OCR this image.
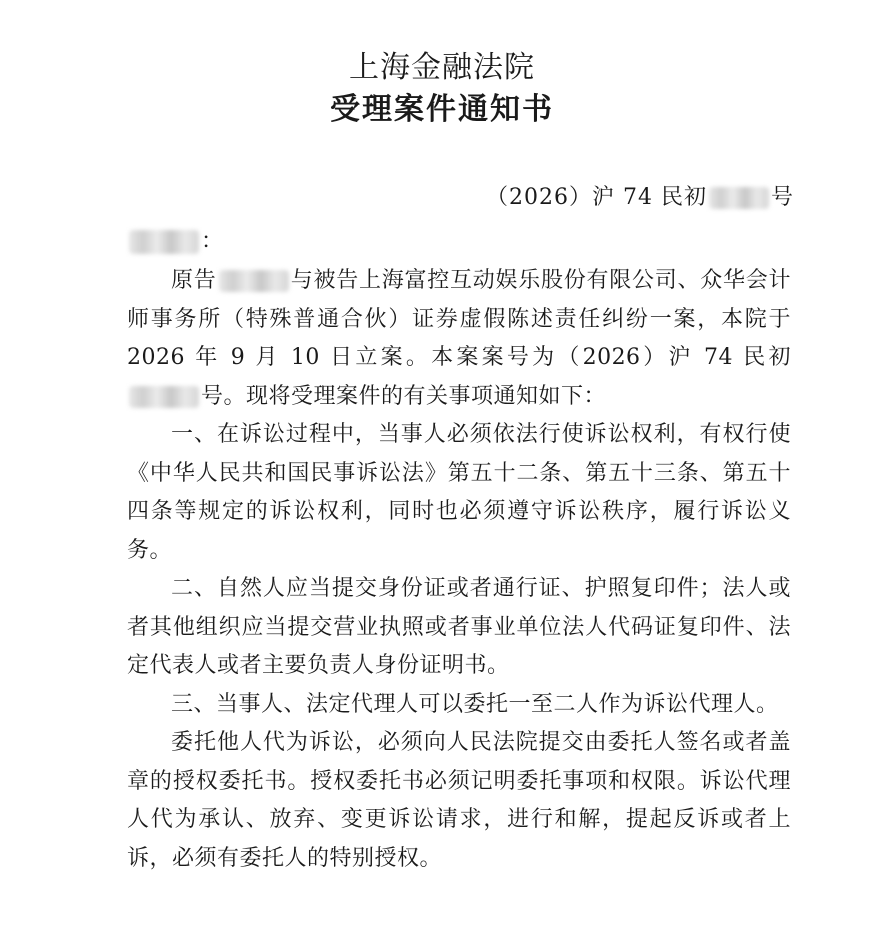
上海金融法院
受理案件通知书
（2026）沪 74 民初	号
：

原告	与被告上海富控互动娱乐股份有限公司、众华会计师事务所（特殊普通合伙）证券虚假陈述责任纠纷一案，本院于 2026 年 9 月 10 日立案。本案案号为（2026）沪 74 民初号。现将受理案件的有关事项通知如下：

一、在诉讼过程中，当事人必须依法行使诉讼权利，有权行使《中华人民共和国民事诉讼法》第五十二条、第五十三条、第五十四条等规定的诉讼权利，同时也必须遵守诉讼秩序，履行诉讼义务。

二、自然人应当提交身份证或者通行证、护照复印件；法人或者其他组织应当提交营业执照或者事业单位法人代码证复印件、法定代表人或者主要负责人身份证明书。

三、当事人、法定代理人可以委托一至二人作为诉讼代理人。

委托他人代为诉讼，必须向人民法院提交由委托人签名或者盖章的授权委托书。授权委托书必须记明委托事项和权限。诉讼代理人代为承认、放弃、变更诉讼请求，进行和解，提起反诉或者上诉，必须有委托人的特别授权。
